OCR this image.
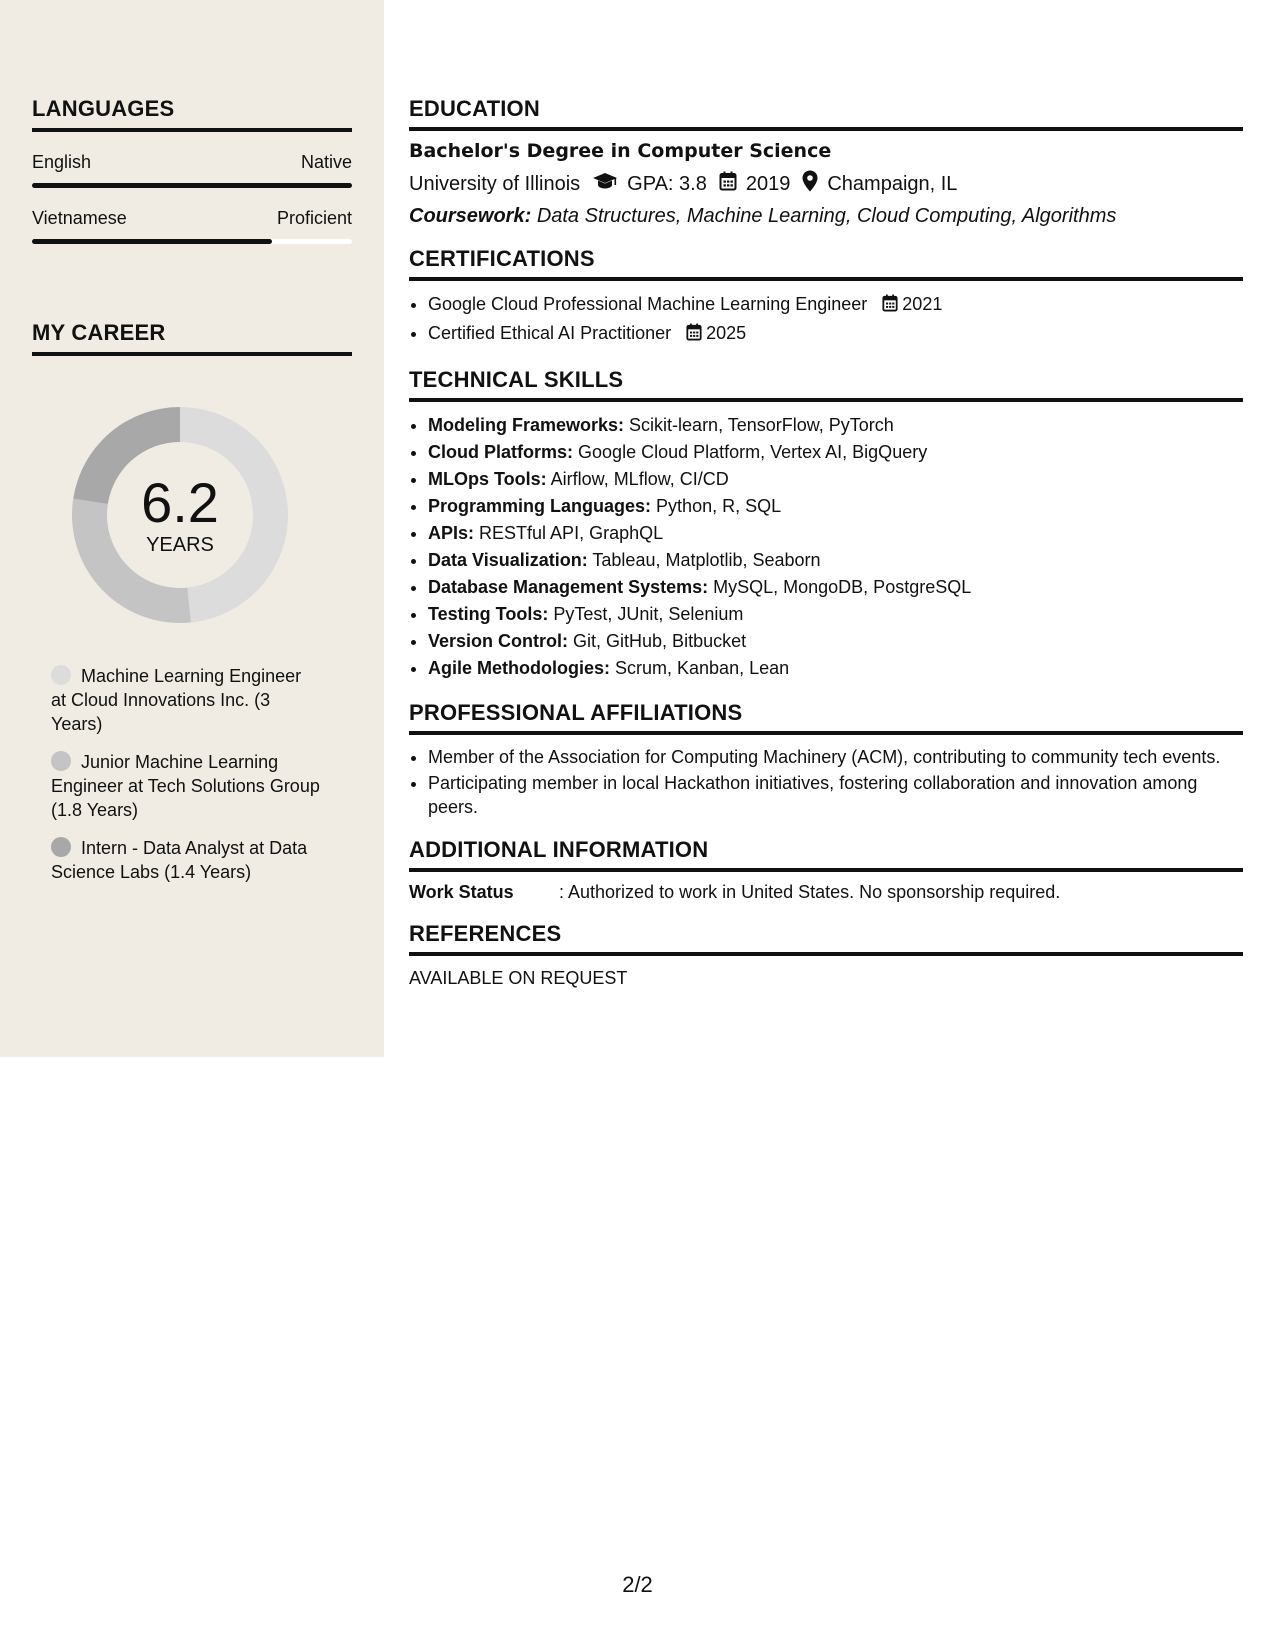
LANGUAGES
English	Native
Vietnamese	Proficient
MY CAREER
6.2
YEARS
Machine Learning Engineer at Cloud Innovations Inc. (3 Years)
Junior Machine Learning Engineer at Tech Solutions Group (1.8 Years)
Intern - Data Analyst at Data Science Labs (1.4 Years)
EDUCATION
Bachelor's Degree in Computer Science
University of Illinois GPA: 3.8 2019 Champaign, IL
Coursework: Data Structures, Machine Learning, Cloud Computing, Algorithms
CERTIFICATIONS
• Google Cloud Professional Machine Learning Engineer 2021
• Certified Ethical AI Practitioner 2025
TECHNICAL SKILLS
• Modeling Frameworks: Scikit-learn, TensorFlow, PyTorch
• Cloud Platforms: Google Cloud Platform, Vertex AI, BigQuery
• MLOps Tools: Airflow, MLflow, CI/CD
• Programming Languages: Python, R, SQL
• APIs: RESTful API, GraphQL
• Data Visualization: Tableau, Matplotlib, Seaborn
• Database Management Systems: MySQL, MongoDB, PostgreSQL
• Testing Tools: PyTest, JUnit, Selenium
• Version Control: Git, GitHub, Bitbucket
• Agile Methodologies: Scrum, Kanban, Lean
PROFESSIONAL AFFILIATIONS
• Member of the Association for Computing Machinery (ACM), contributing to community tech events.
• Participating member in local Hackathon initiatives, fostering collaboration and innovation among peers.
ADDITIONAL INFORMATION
Work Status	: Authorized to work in United States. No sponsorship required.
REFERENCES
AVAILABLE ON REQUEST
2/2
